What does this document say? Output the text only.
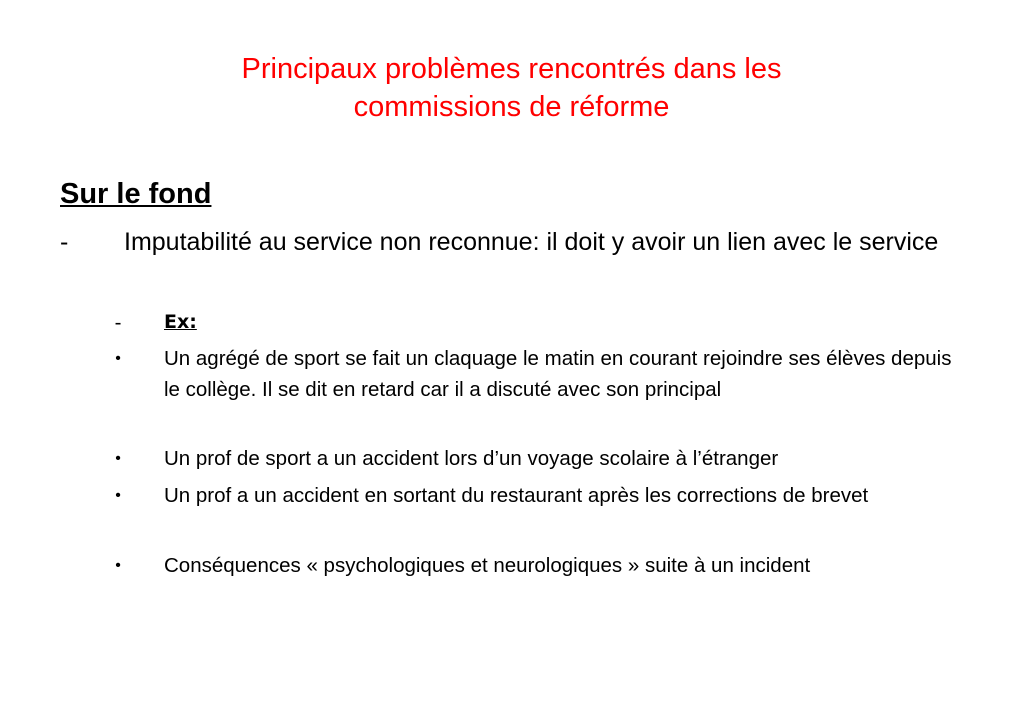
Principaux problèmes rencontrés dans les
commissions de réforme
Sur le fond
- Imputabilité au service non reconnue: il doit y avoir un lien avec le service
-	Ex:
•	Un agrégé de sport se fait un claquage le matin en courant rejoindre ses élèves depuis le collège. Il se dit en retard car il a discuté avec son principal
•	Un prof de sport a un accident lors d’un voyage scolaire à l’étranger
•	Un prof a un accident en sortant du restaurant après les corrections de brevet
•	Conséquences « psychologiques et neurologiques » suite à un incident
